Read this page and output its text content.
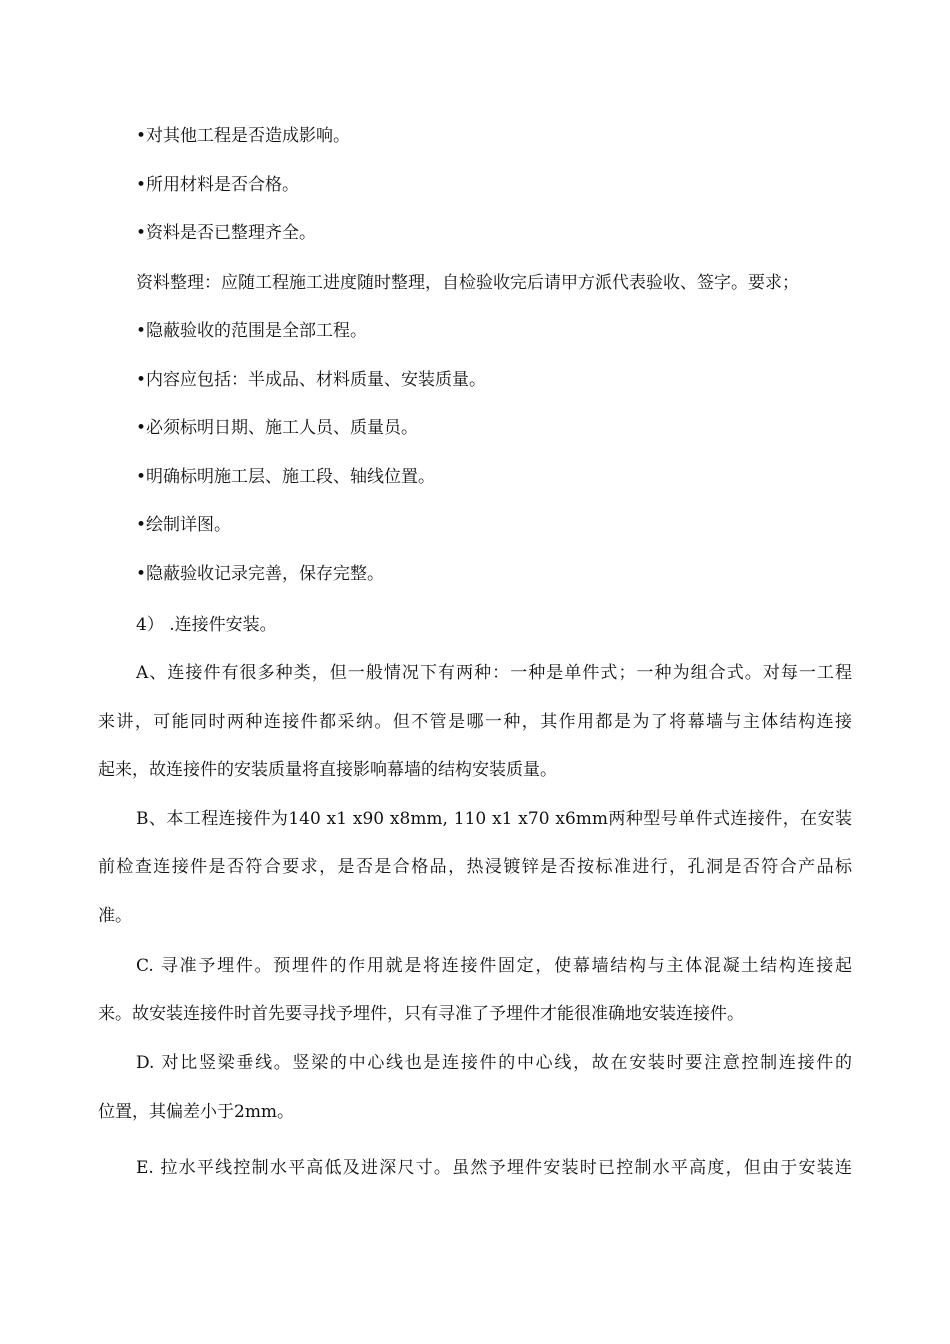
•对其他工程是否造成影响。
•所用材料是否合格。
•资料是否已整理齐全。
资料整理：应随工程施工进度随时整理，自检验收完后请甲方派代表验收、签字。要求；
•隐蔽验收的范围是全部工程。
•内容应包括：半成品、材料质量、安装质量。
•必须标明日期、施工人员、质量员。
•明确标明施工层、施工段、轴线位置。
•绘制详图。
•隐蔽验收记录完善，保存完整。
4） .连接件安装。
A、连接件有很多种类，但一般情况下有两种：一种是单件式；一种为组合式。对每一工程
来讲，可能同时两种连接件都采纳。但不管是哪一种，其作用都是为了将幕墙与主体结构连接
起来，故连接件的安装质量将直接影响幕墙的结构安装质量。
B、本工程连接件为140 x1 x90 x8mm, 110 x1 x70 x6mm两种型号单件式连接件，在安装
前检查连接件是否符合要求，是否是合格品，热浸镀锌是否按标准进行，孔洞是否符合产品标
准。
C. 寻准予埋件。预埋件的作用就是将连接件固定，使幕墙结构与主体混凝土结构连接起
来。故安装连接件时首先要寻找予埋件，只有寻准了予埋件才能很准确地安装连接件。
D. 对比竖梁垂线。竖梁的中心线也是连接件的中心线，故在安装时要注意控制连接件的
位置，其偏差小于2mm。
E. 拉水平线控制水平高低及进深尺寸。虽然予埋件安装时已控制水平高度，但由于安装连
